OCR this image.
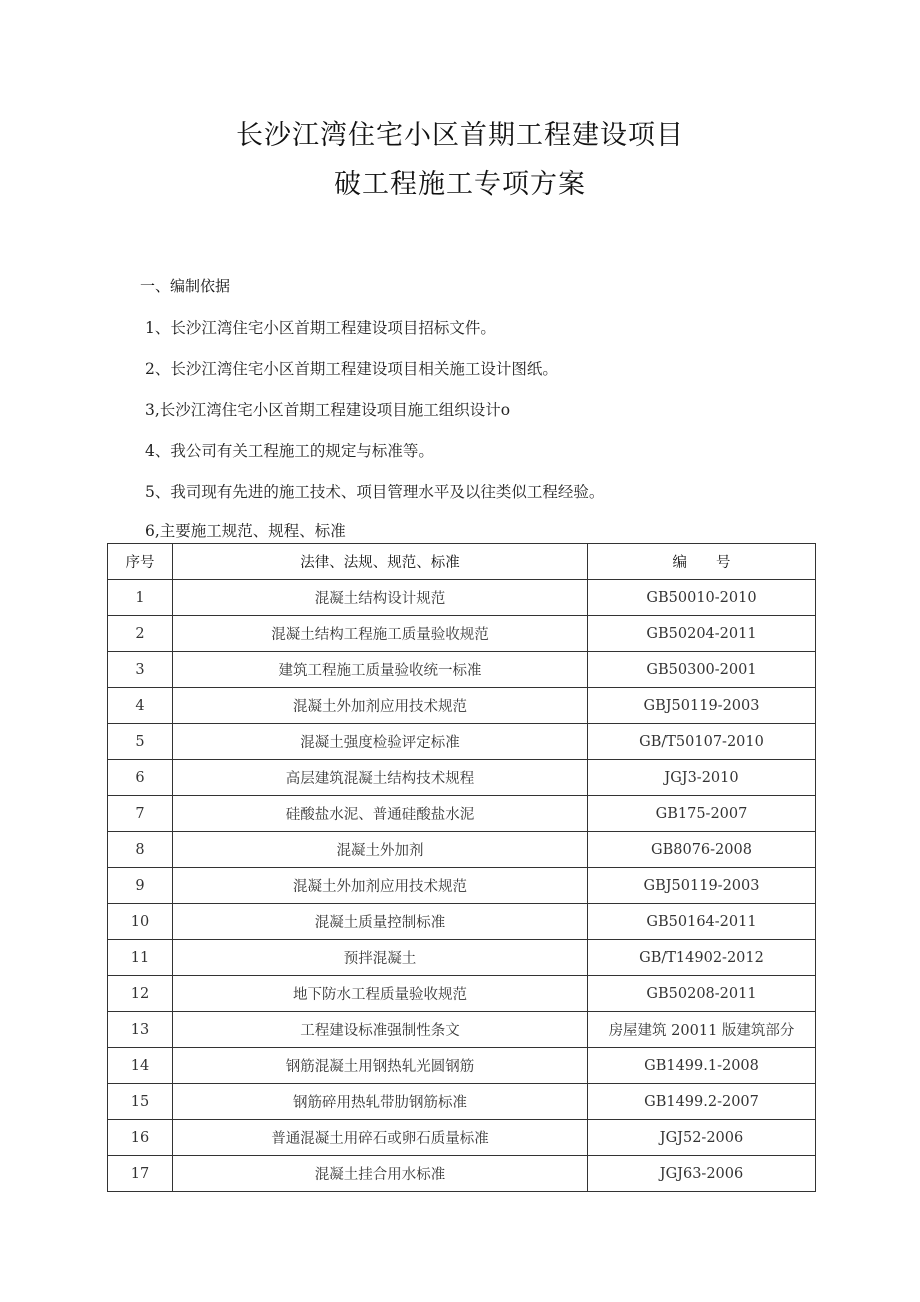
长沙江湾住宅小区首期工程建设项目
破工程施工专项方案
一、编制依据
1、长沙江湾住宅小区首期工程建设项目招标文件。
2、长沙江湾住宅小区首期工程建设项目相关施工设计图纸。
3,长沙江湾住宅小区首期工程建设项目施工组织设计o
4、我公司有关工程施工的规定与标准等。
5、我司现有先进的施工技术、项目管理水平及以往类似工程经验。
6,主要施工规范、规程、标准
序号	法律、法规、规范、标准	编　　号
1	混凝土结构设计规范	GB50010-2010
2	混凝土结构工程施工质量验收规范	GB50204-2011
3	建筑工程施工质量验收统一标准	GB50300-2001
4	混凝土外加剂应用技术规范	GBJ50119-2003
5	混凝土强度检验评定标准	GB/T50107-2010
6	高层建筑混凝土结构技术规程	JGJ3-2010
7	硅酸盐水泥、普通硅酸盐水泥	GB175-2007
8	混凝土外加剂	GB8076-2008
9	混凝土外加剂应用技术规范	GBJ50119-2003
10	混凝土质量控制标准	GB50164-2011
11	预拌混凝土	GB/T14902-2012
12	地下防水工程质量验收规范	GB50208-2011
13	工程建设标准强制性条文	房屋建筑 20011 版建筑部分
14	钢筋混凝土用钢热轧光圆钢筋	GB1499.1-2008
15	钢筋碎用热轧带肋钢筋标准	GB1499.2-2007
16	普通混凝土用碎石或卵石质量标准	JGJ52-2006
17	混凝土挂合用水标准	JGJ63-2006
